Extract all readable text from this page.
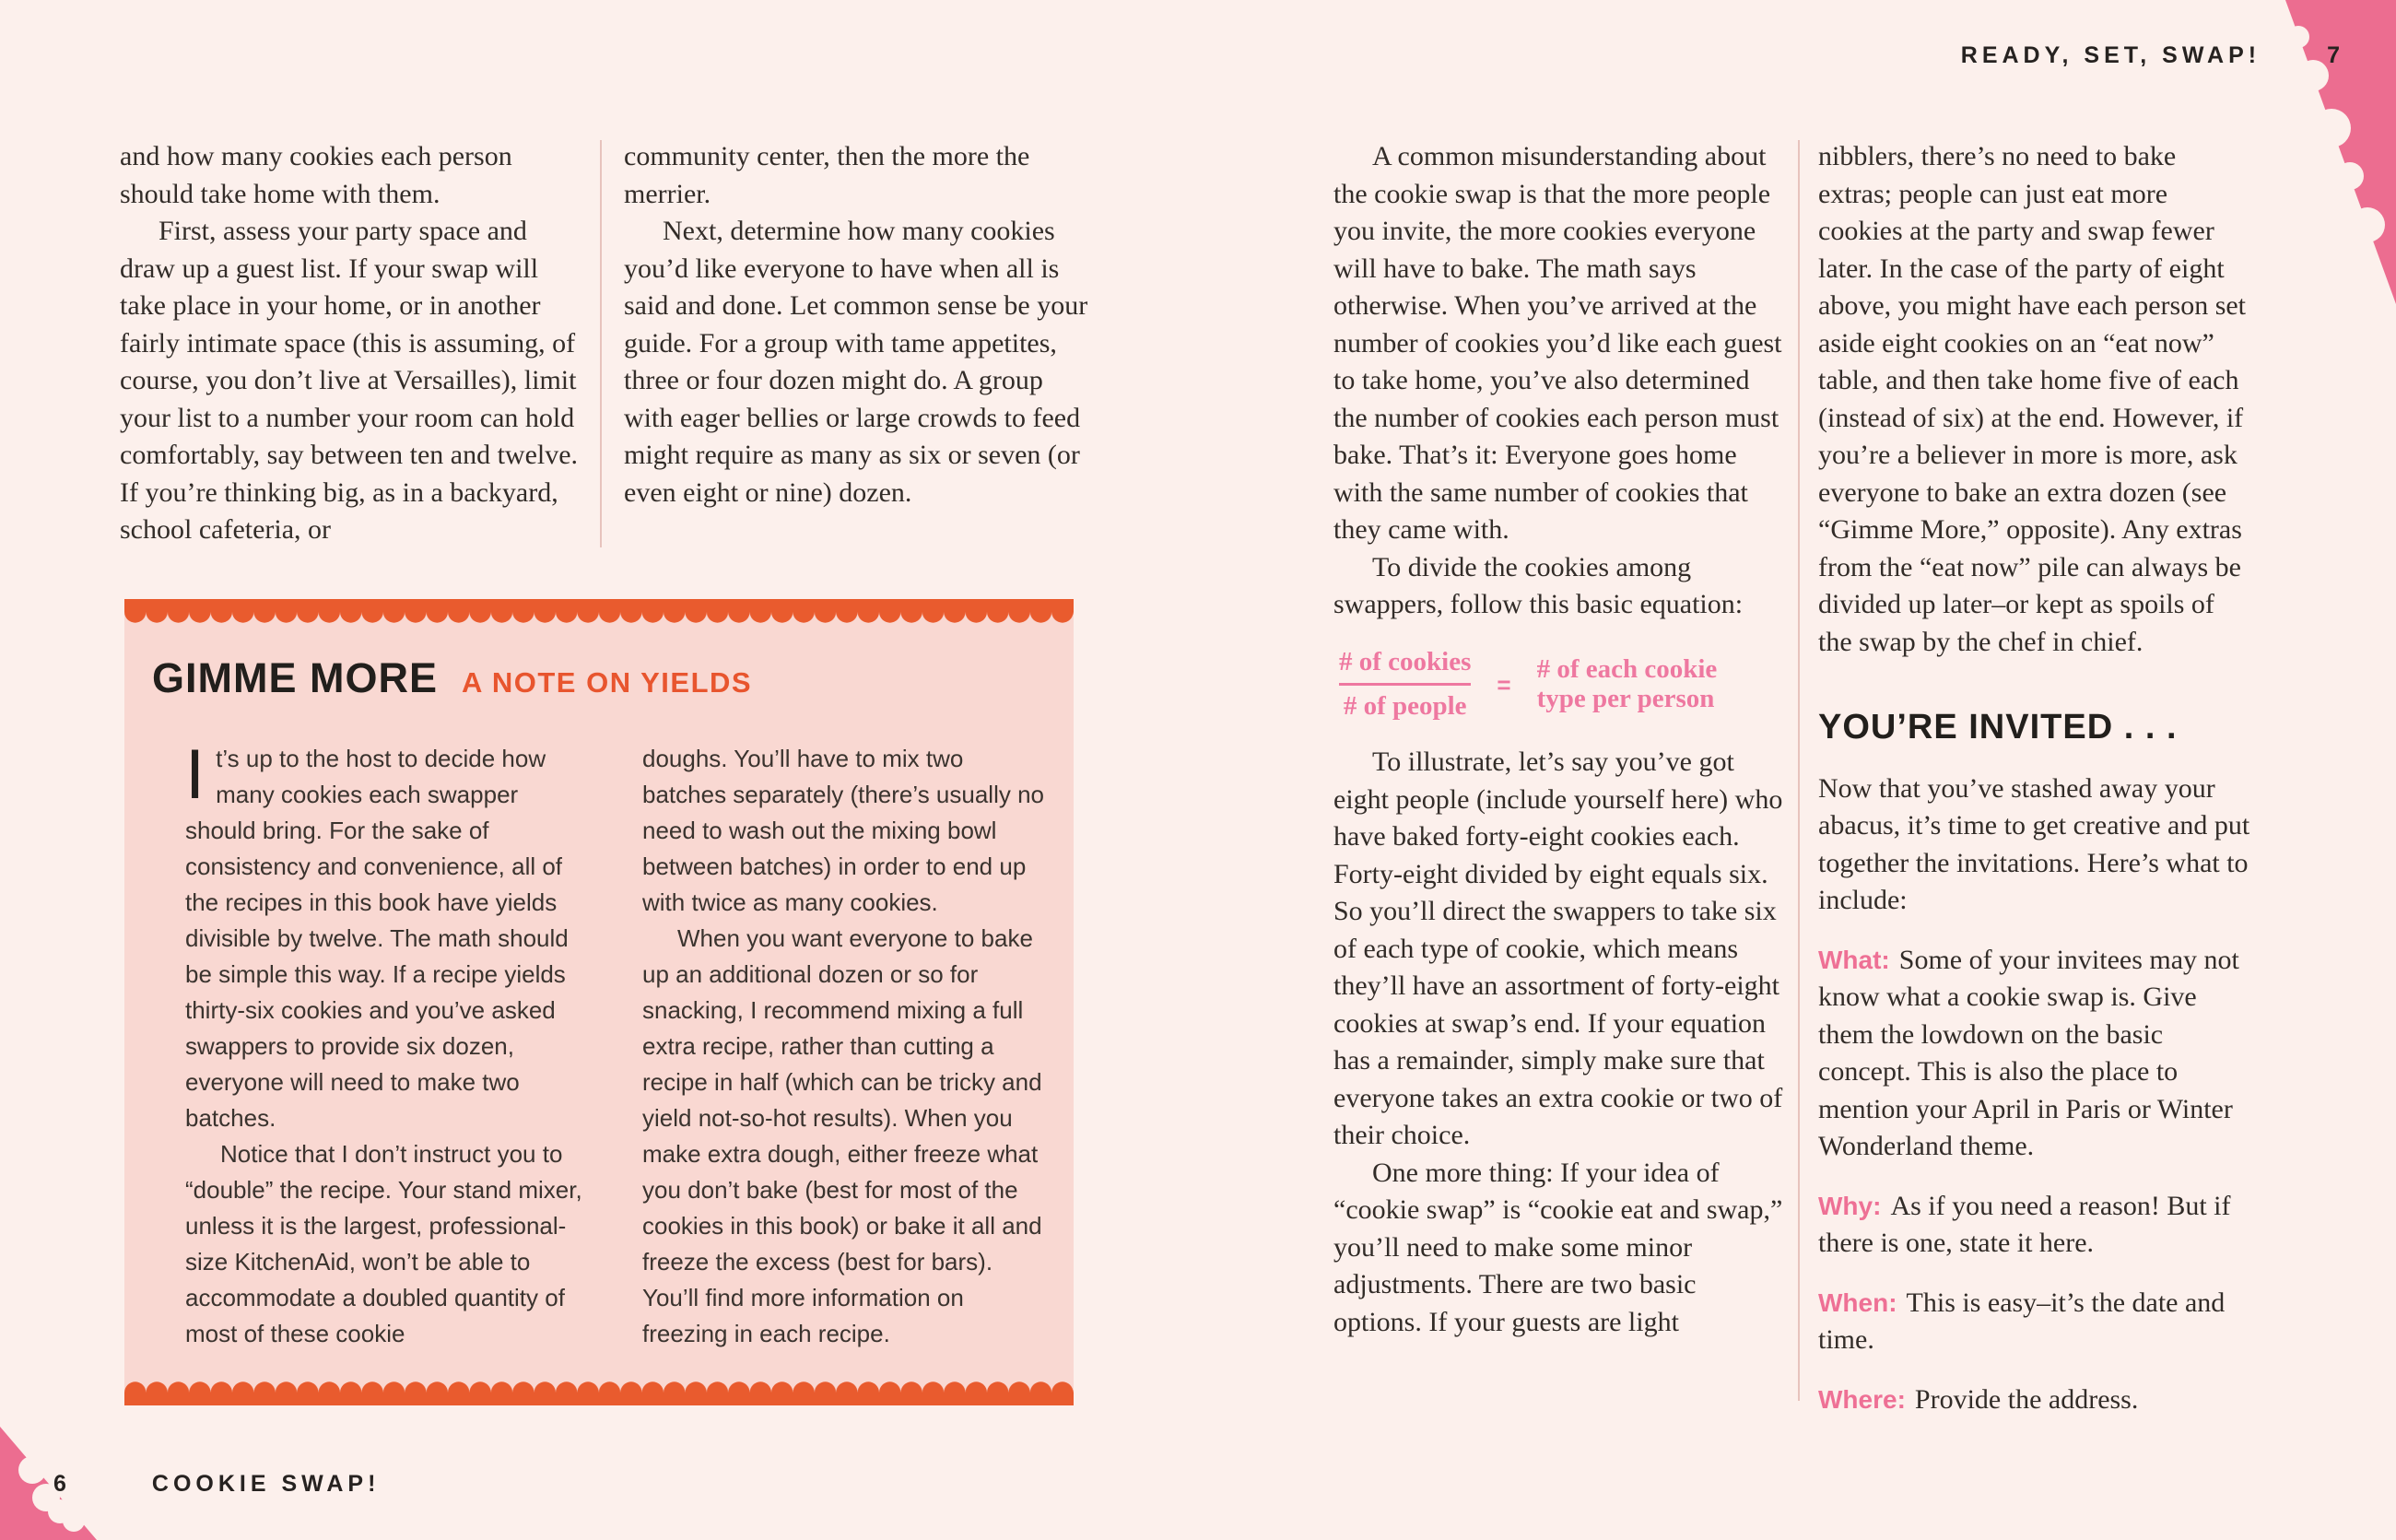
READY, SET, SWAP!	7

and how many cookies each person should take home with them.

First, assess your party space and draw up a guest list. If your swap will take place in your home, or in another fairly intimate space (this is assuming, of course, you don’t live at Versailles), limit your list to a number your room can hold comfortably, say between ten and twelve. If you’re thinking big, as in a backyard, school cafeteria, or

community center, then the more the merrier.

Next, determine how many cookies you’d like everyone to have when all is said and done. Let common sense be your guide. For a group with tame appetites, three or four dozen might do. A group with eager bellies or large crowds to feed might require as many as six or seven (or even eight or nine) dozen.

GIMME MORE A NOTE ON YIELDS

It’s up to the host to decide how many cookies each swapper should bring. For the sake of consistency and convenience, all of the recipes in this book have yields divisible by twelve. The math should be simple this way. If a recipe yields thirty-six cookies and you’ve asked swappers to provide six dozen, everyone will need to make two batches.

Notice that I don’t instruct you to “double” the recipe. Your stand mixer, unless it is the largest, professional-size KitchenAid, won’t be able to accommodate a doubled quantity of most of these cookie

doughs. You’ll have to mix two batches separately (there’s usually no need to wash out the mixing bowl between batches) in order to end up with twice as many cookies.

When you want everyone to bake up an additional dozen or so for snacking, I recommend mixing a full extra recipe, rather than cutting a recipe in half (which can be tricky and yield not-so-hot results). When you make extra dough, either freeze what you don’t bake (best for most of the cookies in this book) or bake it all and freeze the excess (best for bars). You’ll find more information on freezing in each recipe.

A common misunderstanding about the cookie swap is that the more people you invite, the more cookies everyone will have to bake. The math says otherwise. When you’ve arrived at the number of cookies you’d like each guest to take home, you’ve also determined the number of cookies each person must bake. That’s it: Everyone goes home with the same number of cookies that they came with.

To divide the cookies among swappers, follow this basic equation:

$\frac{\text{\# of cookies}}{\text{\# of people}}$ =
# of each cookie
type per person

To illustrate, let’s say you’ve got eight people (include yourself here) who have baked forty-eight cookies each. Forty-eight divided by eight equals six. So you’ll direct the swappers to take six of each type of cookie, which means they’ll have an assortment of forty-eight cookies at swap’s end. If your equation has a remainder, simply make sure that everyone takes an extra cookie or two of their choice.

One more thing: If your idea of “cookie swap” is “cookie eat and swap,” you’ll need to make some minor adjustments. There are two basic options. If your guests are light

nibblers, there’s no need to bake extras; people can just eat more cookies at the party and swap fewer later. In the case of the party of eight above, you might have each person set aside eight cookies on an “eat now” table, and then take home five of each (instead of six) at the end. However, if you’re a believer in more is more, ask everyone to bake an extra dozen (see “Gimme More,” opposite). Any extras from the “eat now” pile can always be divided up later–or kept as spoils of the swap by the chef in chief.

YOU’RE INVITED . . .

Now that you’ve stashed away your abacus, it’s time to get creative and put together the invitations. Here’s what to include:

What: Some of your invitees may not know what a cookie swap is. Give them the lowdown on the basic concept. This is also the place to mention your April in Paris or Winter Wonderland theme.

Why: As if you need a reason! But if there is one, state it here.

When: This is easy–it’s the date and time.

Where: Provide the address.

6	COOKIE SWAP!
